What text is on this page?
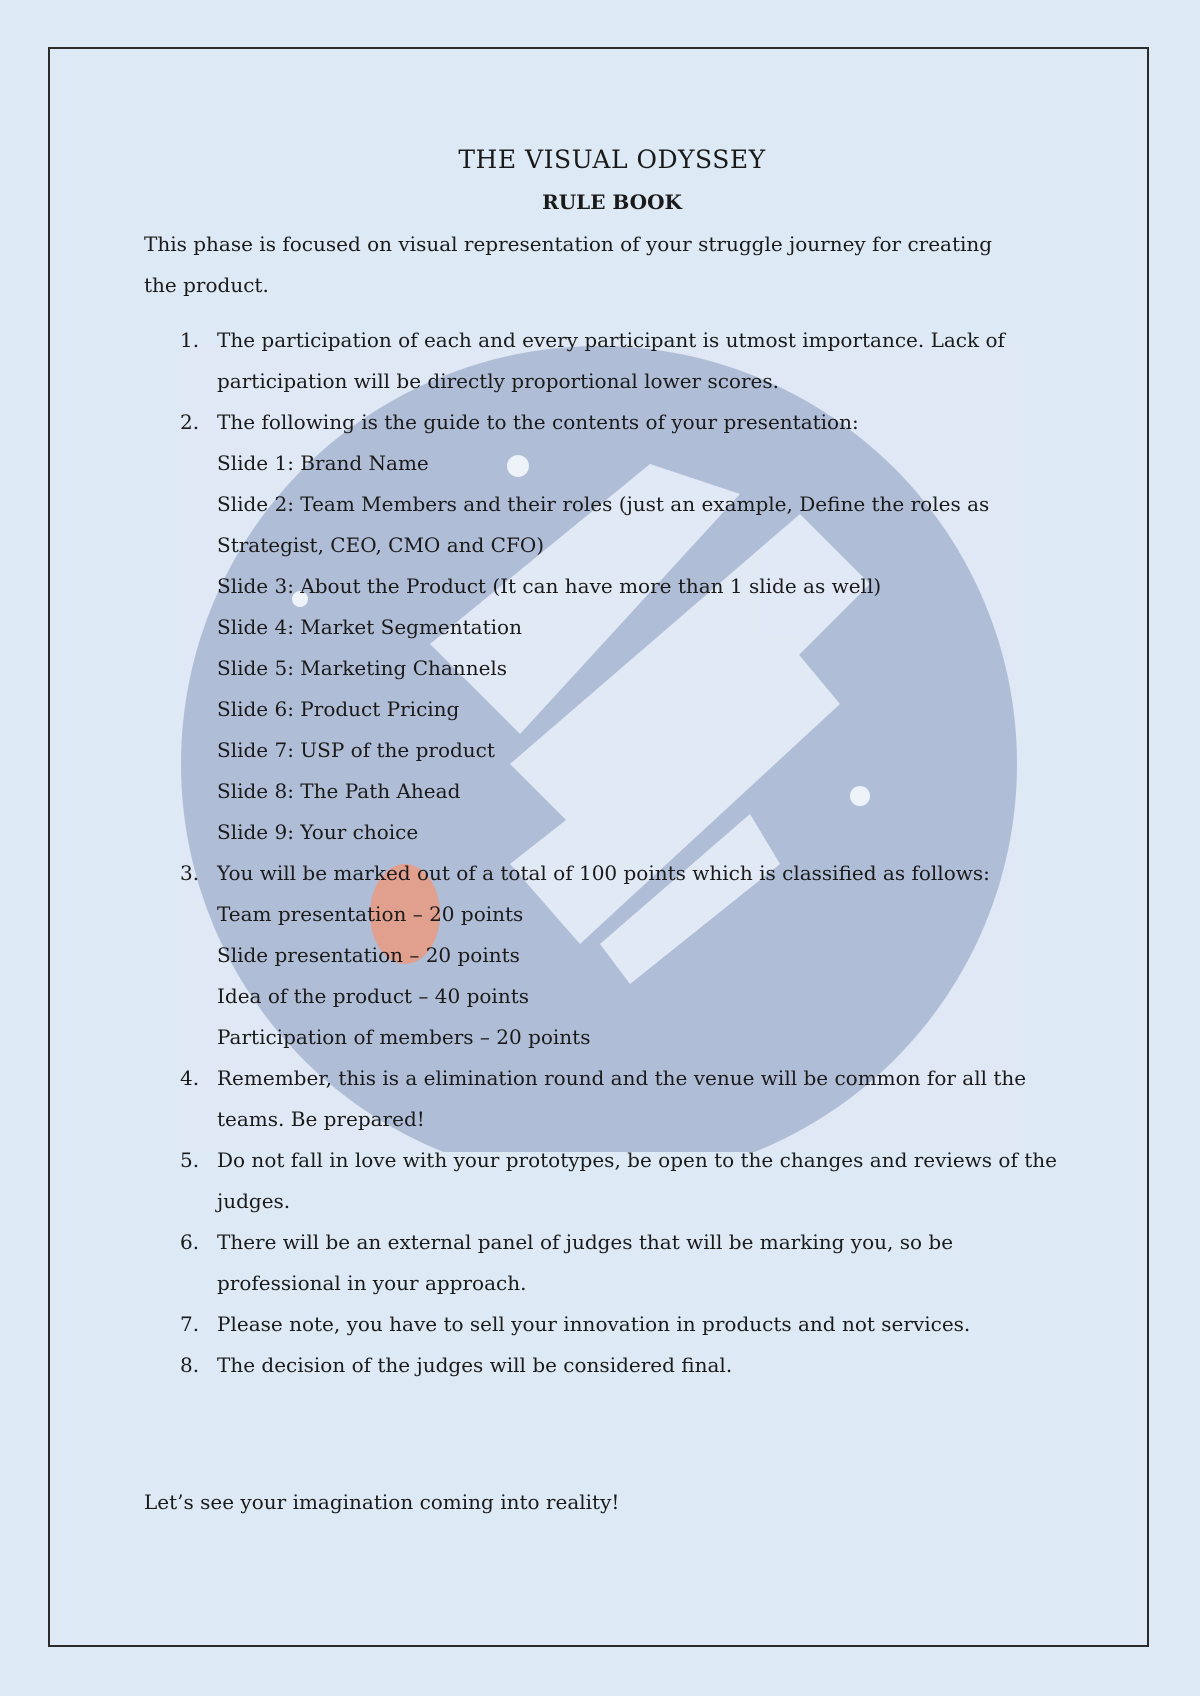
THE VISUAL ODYSSEY
RULE BOOK

This phase is focused on visual representation of your struggle journey for creating the product.

1. The participation of each and every participant is utmost importance. Lack of participation will be directly proportional lower scores.
2. The following is the guide to the contents of your presentation:
Slide 1: Brand Name
Slide 2: Team Members and their roles (just an example, Define the roles as Strategist, CEO, CMO and CFO)
Slide 3: About the Product (It can have more than 1 slide as well)
Slide 4: Market Segmentation
Slide 5: Marketing Channels
Slide 6: Product Pricing
Slide 7: USP of the product
Slide 8: The Path Ahead
Slide 9: Your choice
3. You will be marked out of a total of 100 points which is classified as follows:
Team presentation – 20 points
Slide presentation – 20 points
Idea of the product – 40 points
Participation of members – 20 points
4. Remember, this is a elimination round and the venue will be common for all the teams. Be prepared!
5. Do not fall in love with your prototypes, be open to the changes and reviews of the judges.
6. There will be an external panel of judges that will be marking you, so be professional in your approach.
7. Please note, you have to sell your innovation in products and not services.
8. The decision of the judges will be considered final.

Let’s see your imagination coming into reality!
